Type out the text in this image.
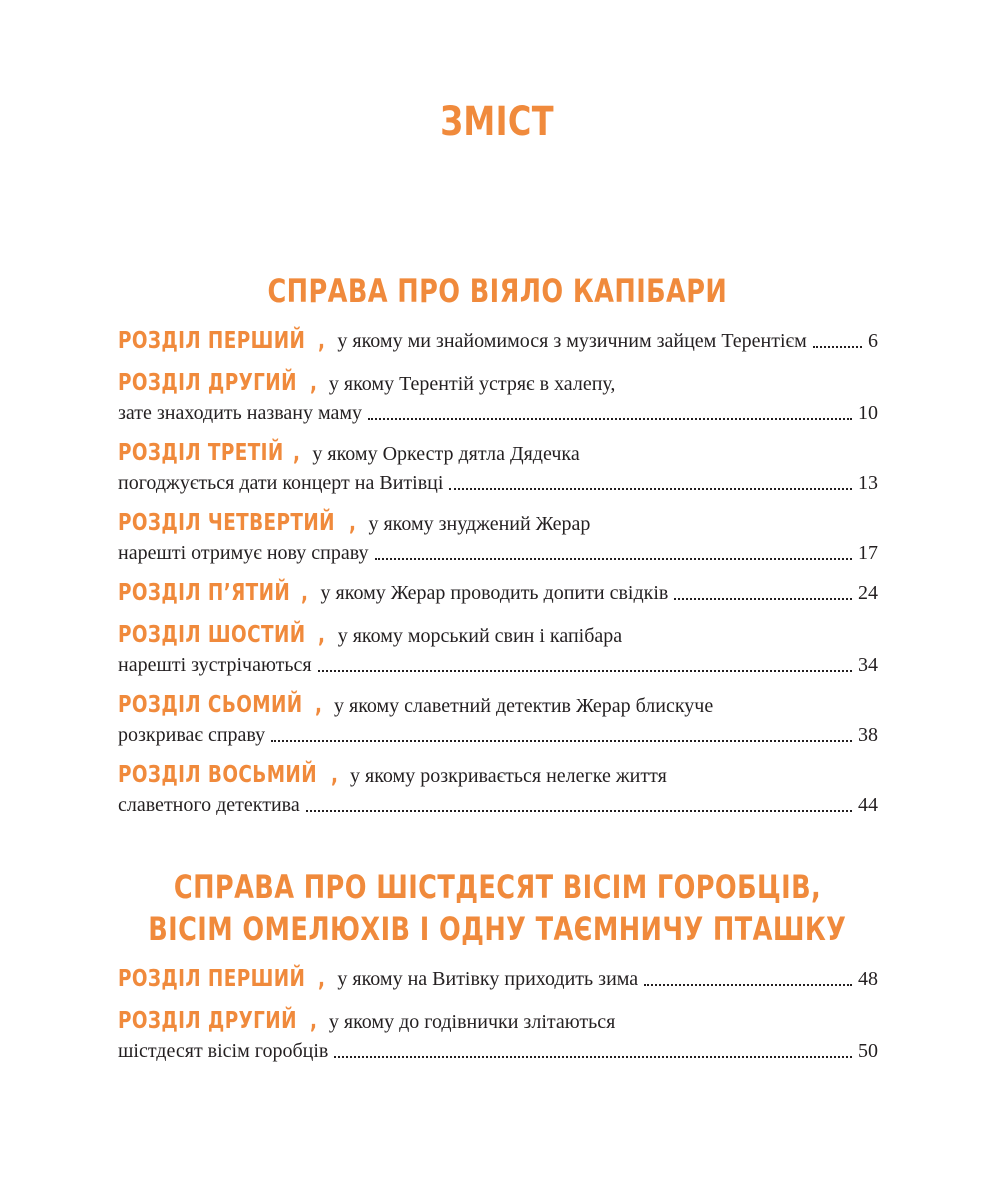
ЗМІСТ
СПРАВА ПРО ВІЯЛО КАПІБАРИ
РОЗДІЛ ПЕРШИЙ , у якому ми знайомимося з музичним зайцем Терентієм	6
РОЗДІЛ ДРУГИЙ , у якому Терентій устряє в халепу,
зате знаходить названу маму	10
РОЗДІЛ ТРЕТІЙ , у якому Оркестр дятла Дядечка
погоджується дати концерт на Витівці	13
РОЗДІЛ ЧЕТВЕРТИЙ , у якому знуджений Жерар
нарешті отримує нову справу	17
РОЗДІЛ П’ЯТИЙ , у якому Жерар проводить допити свідків	24
РОЗДІЛ ШОСТИЙ , у якому морський свин і капібара
нарешті зустрічаються	34
РОЗДІЛ СЬОМИЙ , у якому славетний детектив Жерар блискуче
розкриває справу	38
РОЗДІЛ ВОСЬМИЙ , у якому розкривається нелегке життя
славетного детектива	44
СПРАВА ПРО ШІСТДЕСЯТ ВІСІМ ГОРОБЦІВ,
ВІСІМ ОМЕЛЮХІВ І ОДНУ ТАЄМНИЧУ ПТАШКУ
РОЗДІЛ ПЕРШИЙ , у якому на Витівку приходить зима	48
РОЗДІЛ ДРУГИЙ , у якому до годівнички злітаються
шістдесят вісім горобців	50
